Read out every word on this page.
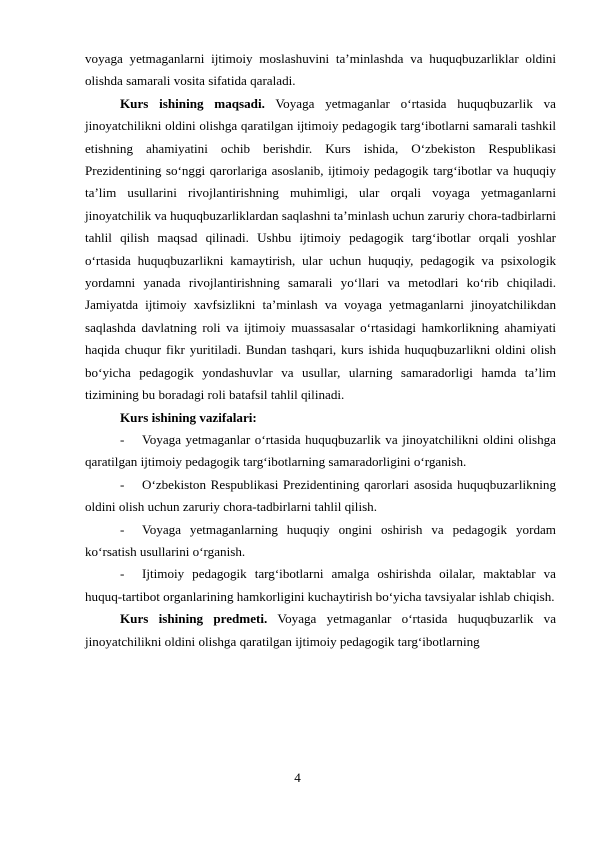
voyaga yetmaganlarni ijtimoiy moslashuvini ta’minlashda va huquqbuzarliklar oldini olishda samarali vosita sifatida qaraladi.

Kurs ishining maqsadi. Voyaga yetmaganlar o‘rtasida huquqbuzarlik va jinoyatchilikni oldini olishga qaratilgan ijtimoiy pedagogik targ‘ibotlarni samarali tashkil etishning ahamiyatini ochib berishdir. Kurs ishida, O‘zbekiston Respublikasi Prezidentining so‘nggi qarorlariga asoslanib, ijtimoiy pedagogik targ‘ibotlar va huquqiy ta’lim usullarini rivojlantirishning muhimligi, ular orqali voyaga yetmaganlarni jinoyatchilik va huquqbuzarliklardan saqlashni ta’minlash uchun zaruriy chora-tadbirlarni tahlil qilish maqsad qilinadi. Ushbu ijtimoiy pedagogik targ‘ibotlar orqali yoshlar o‘rtasida huquqbuzarlikni kamaytirish, ular uchun huquqiy, pedagogik va psixologik yordamni yanada rivojlantirishning samarali yo‘llari va metodlari ko‘rib chiqiladi. Jamiyatda ijtimoiy xavfsizlikni ta’minlash va voyaga yetmaganlarni jinoyatchilikdan saqlashda davlatning roli va ijtimoiy muassasalar o‘rtasidagi hamkorlikning ahamiyati haqida chuqur fikr yuritiladi. Bundan tashqari, kurs ishida huquqbuzarlikni oldini olish bo‘yicha pedagogik yondashuvlar va usullar, ularning samaradorligi hamda ta’lim tizimining bu boradagi roli batafsil tahlil qilinadi.

Kurs ishining vazifalari:

-	Voyaga yetmaganlar o‘rtasida huquqbuzarlik va jinoyatchilikni oldini olishga qaratilgan ijtimoiy pedagogik targ‘ibotlarning samaradorligini o‘rganish.

-	O‘zbekiston Respublikasi Prezidentining qarorlari asosida huquqbuzarlikning oldini olish uchun zaruriy chora-tadbirlarni tahlil qilish.

-	Voyaga yetmaganlarning huquqiy ongini oshirish va pedagogik yordam ko‘rsatish usullarini o‘rganish.

-	Ijtimoiy pedagogik targ‘ibotlarni amalga oshirishda oilalar, maktablar va huquq-tartibot organlarining hamkorligini kuchaytirish bo‘yicha tavsiyalar ishlab chiqish.

Kurs ishining predmeti. Voyaga yetmaganlar o‘rtasida huquqbuzarlik va jinoyatchilikni oldini olishga qaratilgan ijtimoiy pedagogik targ‘ibotlarning

4
